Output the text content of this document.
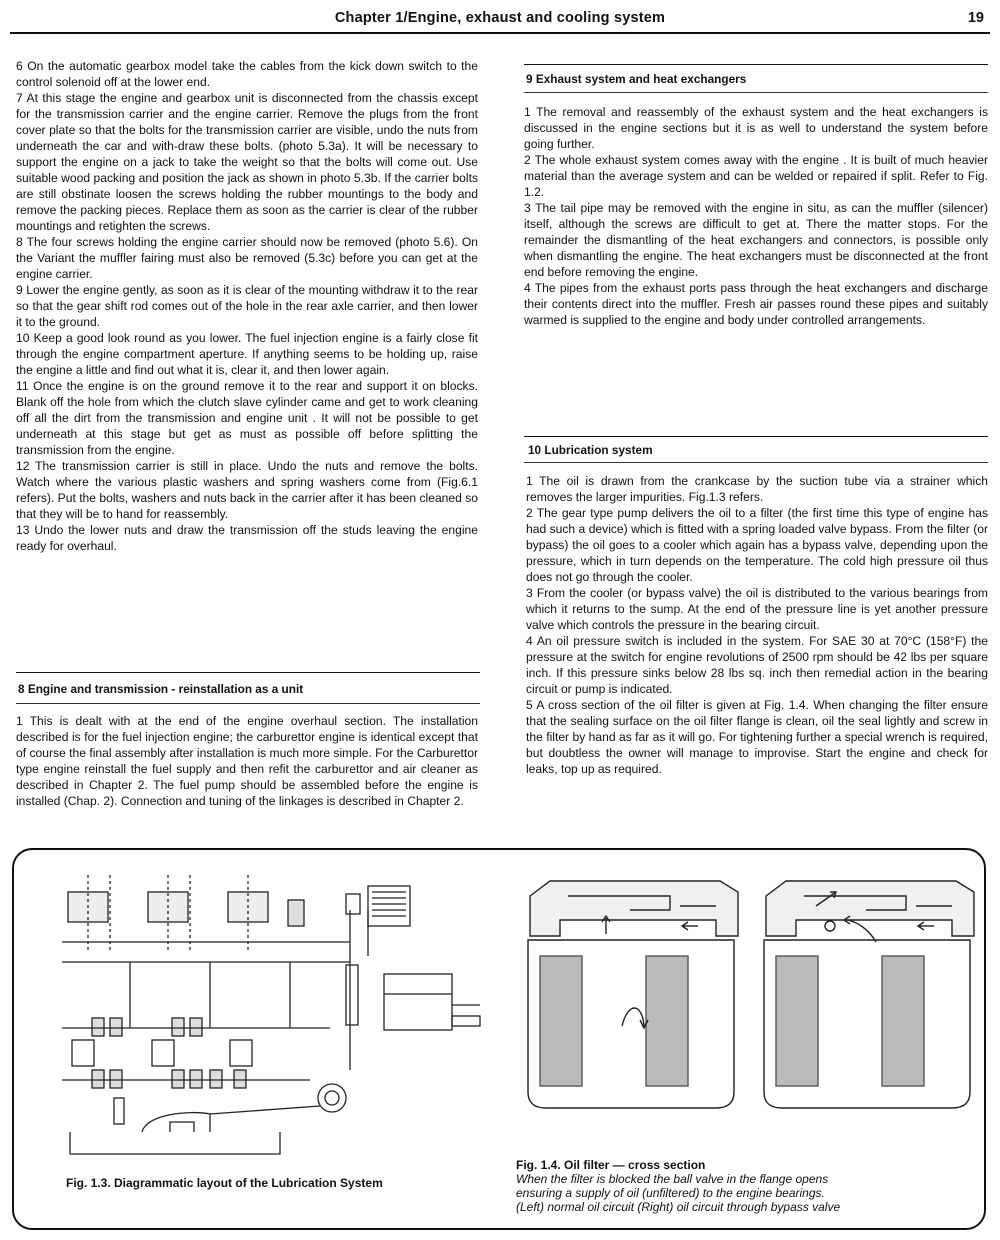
Chapter 1/Engine, exhaust and cooling system	19

6 On the automatic gearbox model take the cables from the kick down switch to the control solenoid off at the lower end.

7 At this stage the engine and gearbox unit is disconnected from the chassis except for the transmission carrier and the engine carrier. Remove the plugs from the front cover plate so that the bolts for the transmission carrier are visible, undo the nuts from underneath the car and with-draw these bolts. (photo 5.3a). It will be necessary to support the engine on a jack to take the weight so that the bolts will come out. Use suitable wood packing and position the jack as shown in photo 5.3b. If the carrier bolts are still obstinate loosen the screws holding the rubber mountings to the body and remove the packing pieces. Replace them as soon as the carrier is clear of the rubber mountings and retighten the screws.

8 The four screws holding the engine carrier should now be removed (photo 5.6). On the Variant the muffler fairing must also be removed (5.3c) before you can get at the engine carrier.

9 Lower the engine gently, as soon as it is clear of the mounting withdraw it to the rear so that the gear shift rod comes out of the hole in the rear axle carrier, and then lower it to the ground.

10 Keep a good look round as you lower. The fuel injection engine is a fairly close fit through the engine compartment aperture. If anything seems to be holding up, raise the engine a little and find out what it is, clear it, and then lower again.

11 Once the engine is on the ground remove it to the rear and support it on blocks. Blank off the hole from which the clutch slave cylinder came and get to work cleaning off all the dirt from the transmission and engine unit . It will not be possible to get underneath at this stage but get as must as possible off before splitting the transmission from the engine.

12 The transmission carrier is still in place. Undo the nuts and remove the bolts. Watch where the various plastic washers and spring washers come from (Fig.6.1 refers). Put the bolts, washers and nuts back in the carrier after it has been cleaned so that they will be to hand for reassembly.

13 Undo the lower nuts and draw the transmission off the studs leaving the engine ready for overhaul.

8 Engine and transmission - reinstallation as a unit

1 This is dealt with at the end of the engine overhaul section. The installation described is for the fuel injection engine; the carburettor engine is identical except that of course the final assembly after installation is much more simple. For the Carburettor type engine reinstall the fuel supply and then refit the carburettor and air cleaner as described in Chapter 2. The fuel pump should be assembled before the engine is installed (Chap. 2). Connection and tuning of the linkages is described in Chapter 2.

9 Exhaust system and heat exchangers

1 The removal and reassembly of the exhaust system and the heat exchangers is discussed in the engine sections but it is as well to understand the system before going further.

2 The whole exhaust system comes away with the engine . It is built of much heavier material than the average system and can be welded or repaired if split. Refer to Fig. 1.2.

3 The tail pipe may be removed with the engine in situ, as can the muffler (silencer) itself, although the screws are difficult to get at. There the matter stops. For the remainder the dismantling of the heat exchangers and connectors, is possible only when dismantling the engine. The heat exchangers must be disconnected at the front end before removing the engine.

4 The pipes from the exhaust ports pass through the heat exchangers and discharge their contents direct into the muffler. Fresh air passes round these pipes and suitably warmed is supplied to the engine and body under controlled arrangements.

10 Lubrication system

1 The oil is drawn from the crankcase by the suction tube via a strainer which removes the larger impurities. Fig.1.3 refers.

2 The gear type pump delivers the oil to a filter (the first time this type of engine has had such a device) which is fitted with a spring loaded valve bypass. From the filter (or bypass) the oil goes to a cooler which again has a bypass valve, depending upon the pressure, which in turn depends on the temperature. The cold high pressure oil thus does not go through the cooler.

3 From the cooler (or bypass valve) the oil is distributed to the various bearings from which it returns to the sump. At the end of the pressure line is yet another pressure valve which controls the pressure in the bearing circuit.

4 An oil pressure switch is included in the system. For SAE 30 at 70°C (158°F) the pressure at the switch for engine revolutions of 2500 rpm should be 42 lbs per square inch. If this pressure sinks below 28 lbs sq. inch then remedial action in the bearing circuit or pump is indicated.

5 A cross section of the oil filter is given at Fig. 1.4. When changing the filter ensure that the sealing surface on the oil filter flange is clean, oil the seal lightly and screw in the filter by hand as far as it will go. For tightening further a special wrench is required, but doubtless the owner will manage to improvise. Start the engine and check for leaks, top up as required.

Fig. 1.3. Diagrammatic layout of the Lubrication System
Fig. 1.4. Oil filter — cross section
When the filter is blocked the ball valve in the flange opens
ensuring a supply of oil (unfiltered) to the engine bearings.
(Left) normal oil circuit (Right) oil circuit through bypass valve
